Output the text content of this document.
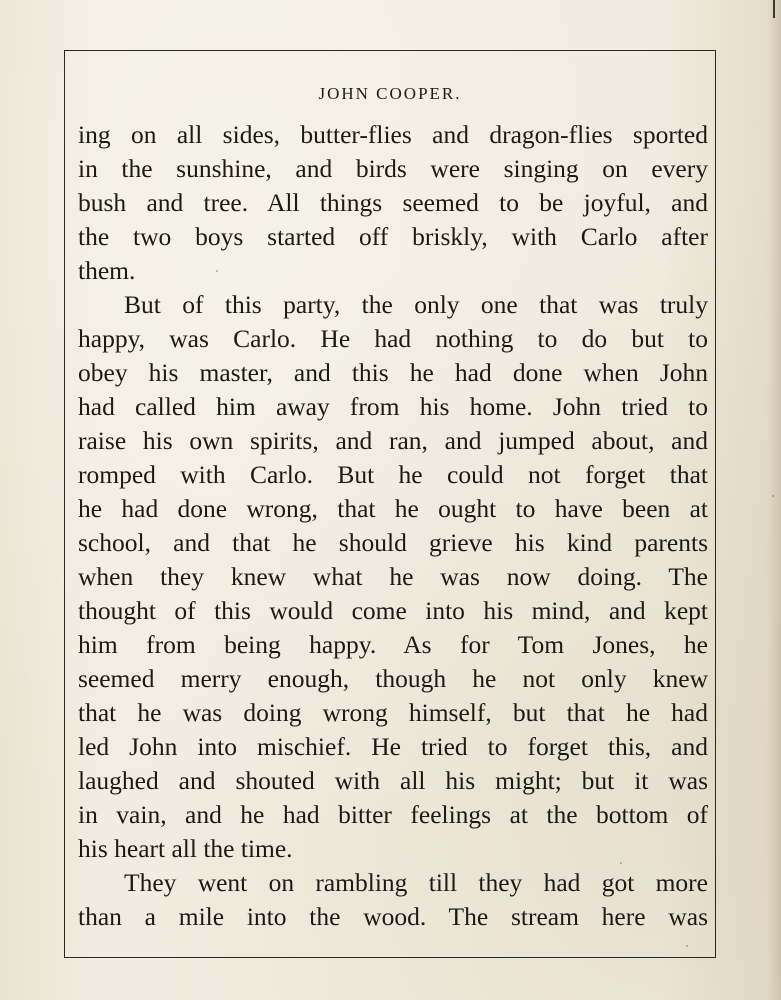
JOHN COOPER.
ing on all sides, butter-flies and dragon-flies sported
in the sunshine, and birds were singing on every
bush and tree. All things seemed to be joyful, and
the two boys started off briskly, with Carlo after
them.
But of this party, the only one that was truly
happy, was Carlo. He had nothing to do but to
obey his master, and this he had done when John
had called him away from his home. John tried to
raise his own spirits, and ran, and jumped about, and
romped with Carlo. But he could not forget that
he had done wrong, that he ought to have been at
school, and that he should grieve his kind parents
when they knew what he was now doing. The
thought of this would come into his mind, and kept
him from being happy. As for Tom Jones, he
seemed merry enough, though he not only knew
that he was doing wrong himself, but that he had
led John into mischief. He tried to forget this, and
laughed and shouted with all his might; but it was
in vain, and he had bitter feelings at the bottom of
his heart all the time.
They went on rambling till they had got more
than a mile into the wood. The stream here was
